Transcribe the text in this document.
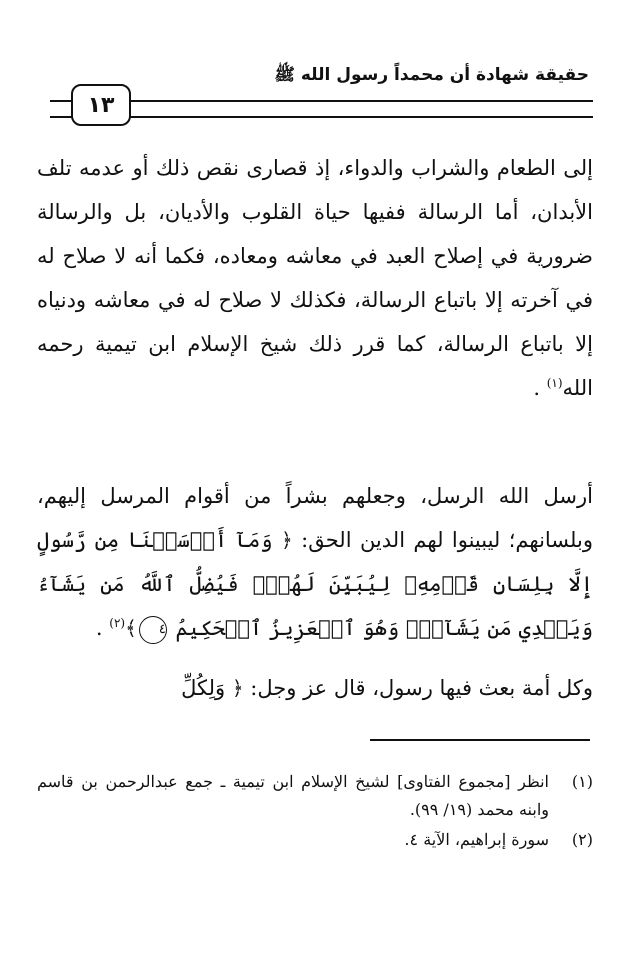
حقيقة شهادة أن محمداً رسول الله ﷺ
١٣
إلى الطعام والشراب والدواء، إذ قصارى نقص ذلك أو عدمه تلف الأبدان، أما الرسالة ففيها حياة القلوب والأديان، بل والرسالة ضرورية في إصلاح العبد في معاشه ومعاده، فكما أنه لا صلاح له في آخرته إلا باتباع الرسالة، فكذلك لا صلاح له في معاشه ودنياه إلا باتباع الرسالة، كما قرر ذلك شيخ الإسلام ابن تيمية رحمه الله$^{(١)}$ .
أرسل الله الرسل، وجعلهم بشراً من أقوام المرسل إليهم، وبلسانهم؛ ليبينوا لهم الدين الحق: ﴿ وَمَآ أَرۡسَلۡنَا مِن رَّسُولٍ إِلَّا بِلِسَانِ قَوۡمِهِۦ لِيُبَيِّنَ لَهُمۡۖ فَيُضِلُّ ٱللَّهُ مَن يَشَآءُ وَيَهۡدِي مَن يَشَآءُۚ وَهُوَ ٱلۡعَزِيزُ ٱلۡحَكِيمُ ٤﴾$^{(٢)}$ .
وكل أمة بعث فيها رسول، قال عز وجل: ﴿ وَلِكُلِّ
(١)
انظر [مجموع الفتاوى] لشيخ الإسلام ابن تيمية ـ جمع عبدالرحمن بن قاسم وابنه محمد (١٩/ ٩٩).
(٢)
سورة إبراهيم، الآية ٤.
